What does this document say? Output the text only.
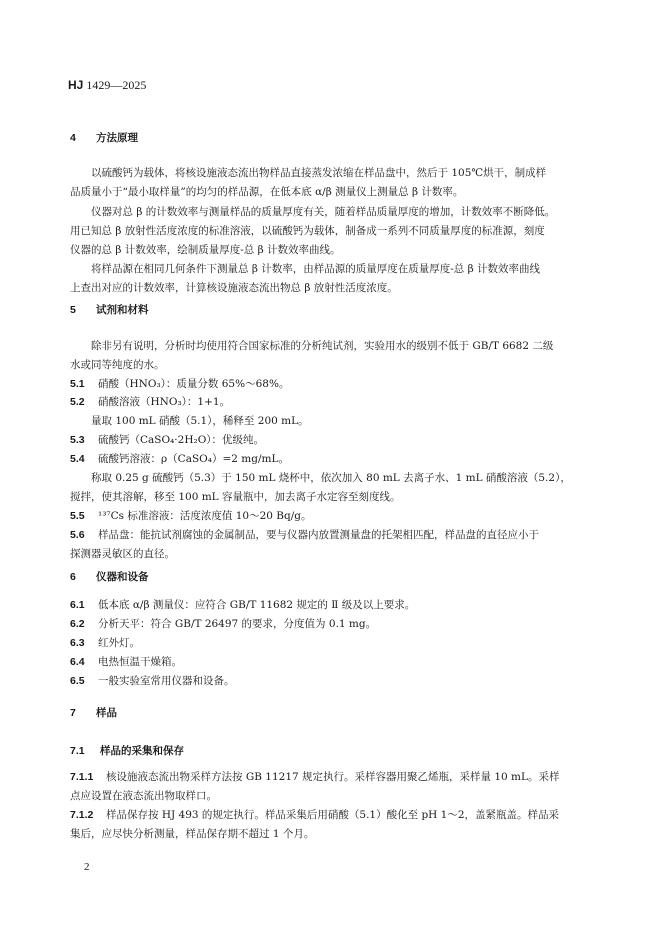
HJ 1429—2025
4 方法原理
以硫酸钙为载体，将核设施液态流出物样品直接蒸发浓缩在样品盘中，然后于 105℃烘干，制成样
品质量小于“最小取样量”的均匀的样品源，在低本底 α/β 测量仪上测量总 β 计数率。
仪器对总 β 的计数效率与测量样品的质量厚度有关，随着样品质量厚度的增加，计数效率不断降低。
用已知总 β 放射性活度浓度的标准溶液，以硫酸钙为载体，制备成一系列不同质量厚度的标准源，刻度
仪器的总 β 计数效率，绘制质量厚度-总 β 计数效率曲线。
将样品源在相同几何条件下测量总 β 计数率，由样品源的质量厚度在质量厚度-总 β 计数效率曲线
上查出对应的计数效率，计算核设施液态流出物总 β 放射性活度浓度。
5 试剂和材料
除非另有说明，分析时均使用符合国家标准的分析纯试剂，实验用水的级别不低于 GB/T 6682 二级
水或同等纯度的水。
5.1 硝酸（HNO₃）：质量分数 65%～68%。
5.2 硝酸溶液（HNO₃）：1+1。
量取 100 mL 硝酸（5.1），稀释至 200 mL。
5.3 硫酸钙（CaSO₄·2H₂O）：优级纯。
5.4 硫酸钙溶液：ρ（CaSO₄）=2 mg/mL。
称取 0.25 g 硫酸钙（5.3）于 150 mL 烧杯中，依次加入 80 mL 去离子水、1 mL 硝酸溶液（5.2），
搅拌，使其溶解，移至 100 mL 容量瓶中，加去离子水定容至刻度线。
5.5 ¹³⁷Cs 标准溶液：活度浓度值 10～20 Bq/g。
5.6 样品盘：能抗试剂腐蚀的金属制品，要与仪器内放置测量盘的托架相匹配，样品盘的直径应小于
探测器灵敏区的直径。
6 仪器和设备
6.1 低本底 α/β 测量仪：应符合 GB/T 11682 规定的 Ⅱ 级及以上要求。
6.2 分析天平：符合 GB/T 26497 的要求，分度值为 0.1 mg。
6.3 红外灯。
6.4 电热恒温干燥箱。
6.5 一般实验室常用仪器和设备。
7 样品
7.1 样品的采集和保存
7.1.1 核设施液态流出物采样方法按 GB 11217 规定执行。采样容器用聚乙烯瓶，采样量 10 mL。采样
点应设置在液态流出物取样口。
7.1.2 样品保存按 HJ 493 的规定执行。样品采集后用硝酸（5.1）酸化至 pH 1～2，盖紧瓶盖。样品采
集后，应尽快分析测量，样品保存期不超过 1 个月。
2
